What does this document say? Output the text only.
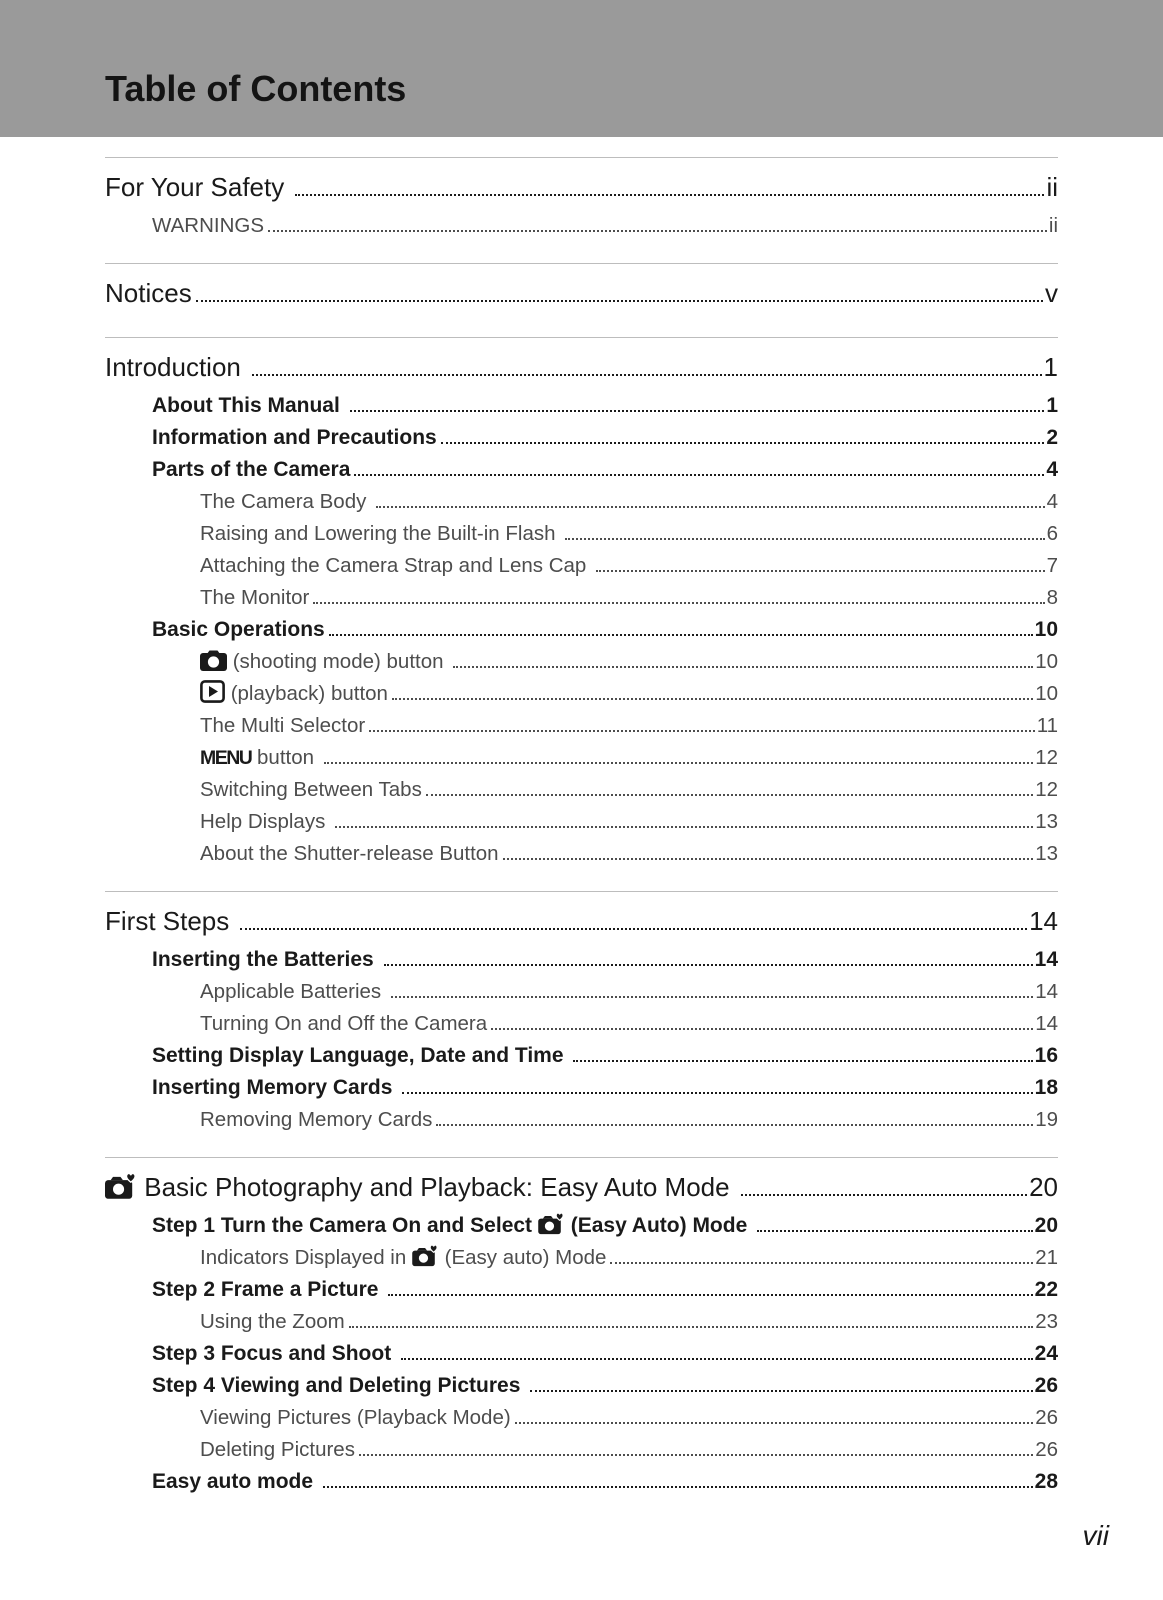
Table of Contents
For Your Safety	ii
WARNINGS	ii
Notices	v
Introduction	1
About This Manual	1
Information and Precautions	2
Parts of the Camera	4
The Camera Body	4
Raising and Lowering the Built-in Flash	6
Attaching the Camera Strap and Lens Cap	7
The Monitor	8
Basic Operations	10
(shooting mode) button	10
(playback) button	10
The Multi Selector	11
MENU button	12
Switching Between Tabs	12
Help Displays	13
About the Shutter-release Button	13
First Steps	14
Inserting the Batteries	14
Applicable Batteries	14
Turning On and Off the Camera	14
Setting Display Language, Date and Time	16
Inserting Memory Cards	18
Removing Memory Cards	19
Basic Photography and Playback: Easy Auto Mode	20
Step 1 Turn the Camera On and Select  (Easy Auto) Mode	20
Indicators Displayed in  (Easy auto) Mode	21
Step 2 Frame a Picture	22
Using the Zoom	23
Step 3 Focus and Shoot	24
Step 4 Viewing and Deleting Pictures	26
Viewing Pictures (Playback Mode)	26
Deleting Pictures	26
Easy auto mode	28
vii
